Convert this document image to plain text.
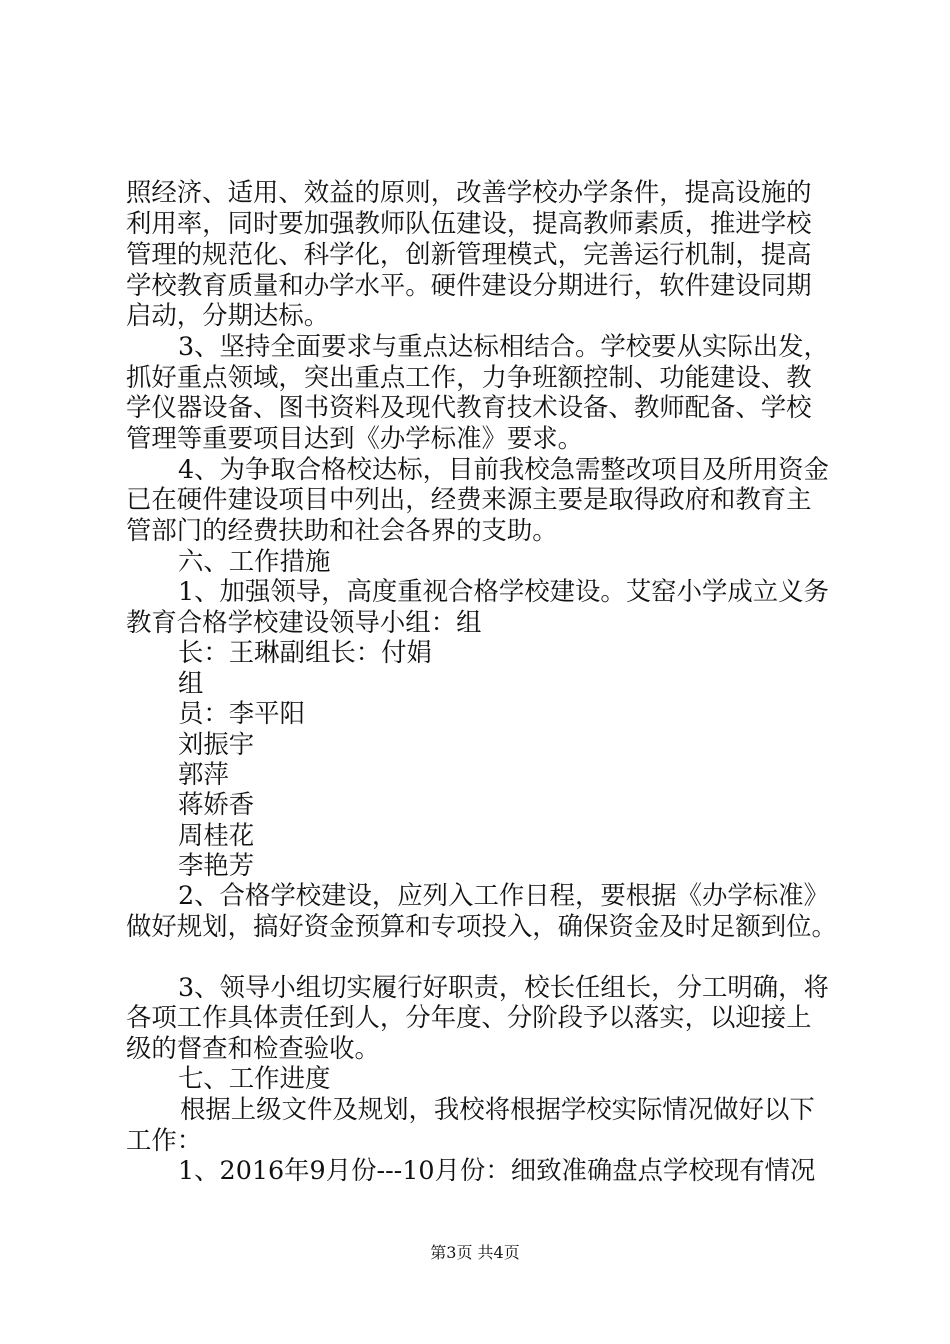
照经济、适用、效益的原则，改善学校办学条件，提高设施的
利用率，同时要加强教师队伍建设，提高教师素质，推进学校
管理的规范化、科学化，创新管理模式，完善运行机制，提高
学校教育质量和办学水平。硬件建设分期进行，软件建设同期
启动，分期达标。
3、坚持全面要求与重点达标相结合。学校要从实际出发，
抓好重点领域，突出重点工作，力争班额控制、功能建设、教
学仪器设备、图书资料及现代教育技术设备、教师配备、学校
管理等重要项目达到《办学标准》要求。
4、为争取合格校达标，目前我校急需整改项目及所用资金
已在硬件建设项目中列出，经费来源主要是取得政府和教育主
管部门的经费扶助和社会各界的支助。
六、工作措施
1、加强领导，高度重视合格学校建设。艾窑小学成立义务
教育合格学校建设领导小组：组
长：王琳副组长：付娟
组
员：李平阳
刘振宇
郭萍
蒋娇香
周桂花
李艳芳
2、合格学校建设，应列入工作日程，要根据《办学标准》
做好规划，搞好资金预算和专项投入，确保资金及时足额到位。
3、领导小组切实履行好职责，校长任组长，分工明确，将
各项工作具体责任到人，分年度、分阶段予以落实，以迎接上
级的督查和检查验收。
七、工作进度
根据上级文件及规划，我校将根据学校实际情况做好以下
工作：
1、2016年9月份---10月份：细致准确盘点学校现有情况
第3页 共4页
